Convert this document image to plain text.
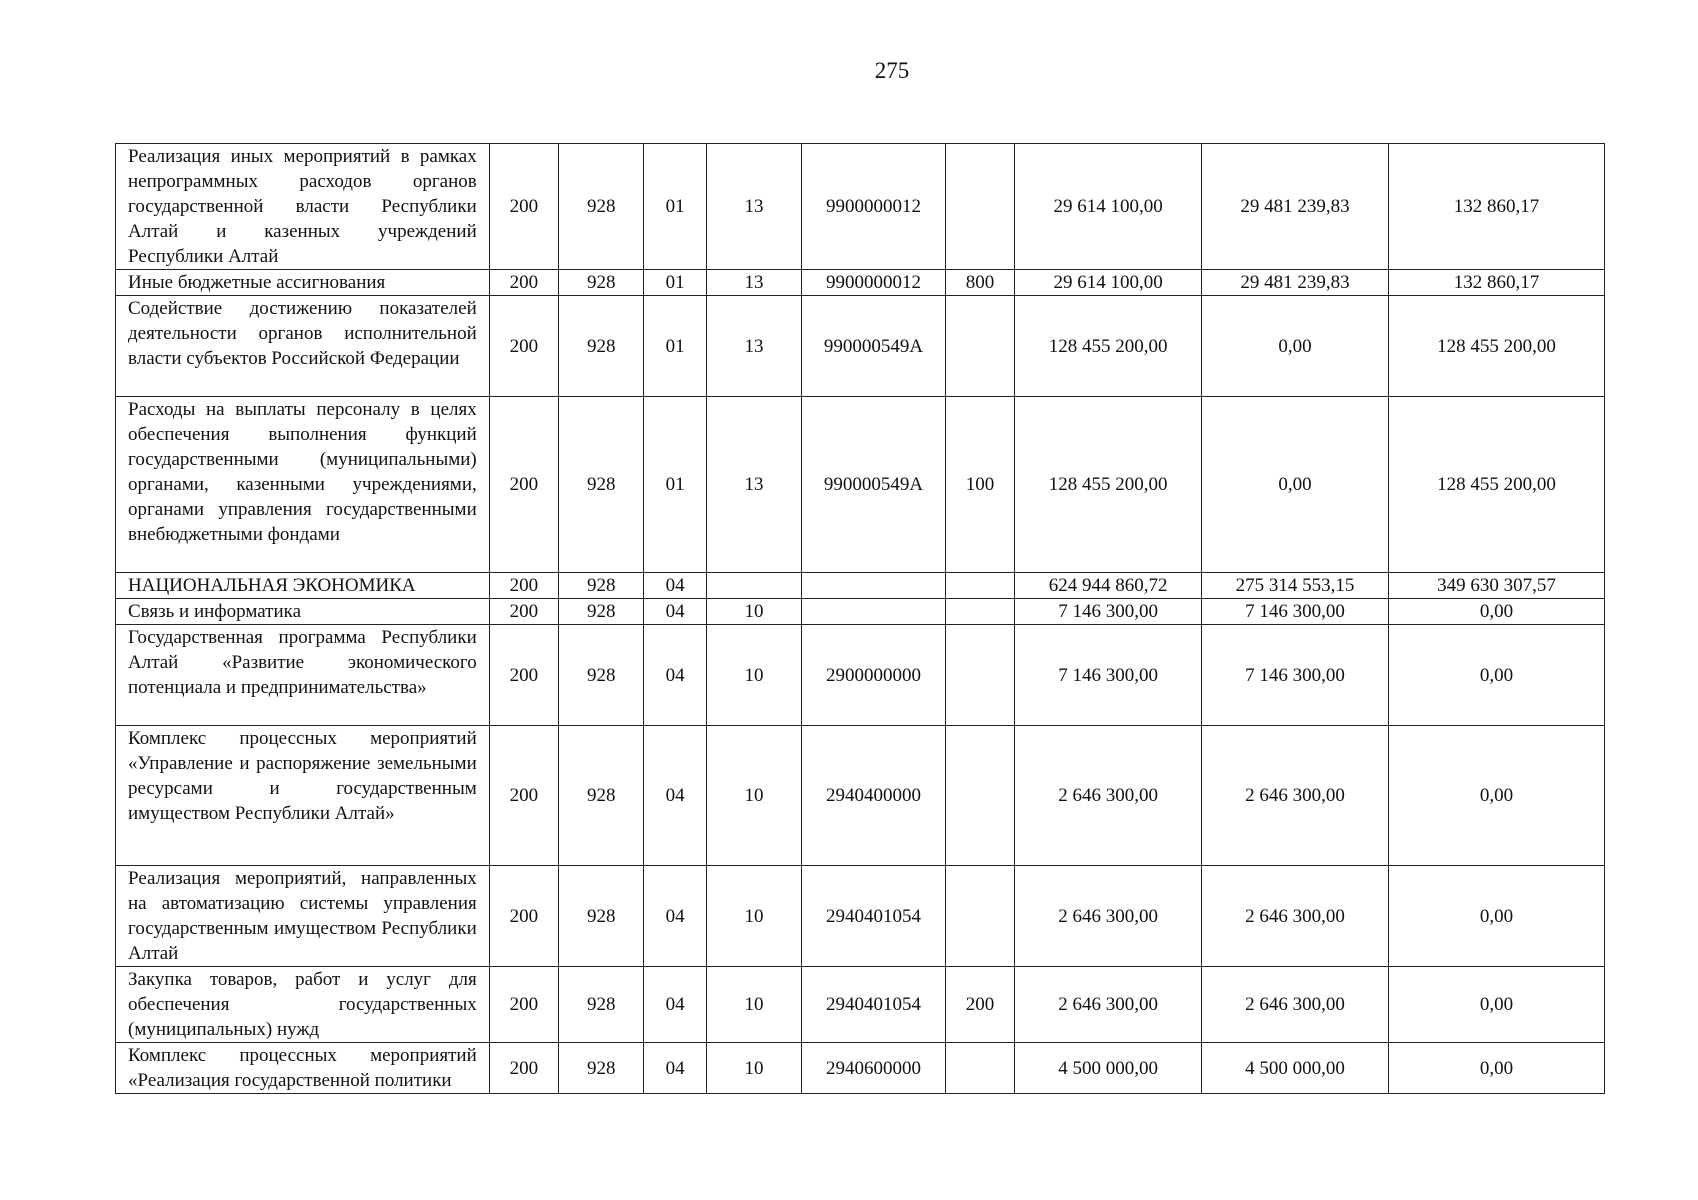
275
Реализация иных мероприятий в рамках непрограммных расходов органов государственной власти Республики Алтай и казенных учреждений Республики Алтай	200	928	01	13	9900000012		29 614 100,00	29 481 239,83	132 860,17
Иные бюджетные ассигнования	200	928	01	13	9900000012	800	29 614 100,00	29 481 239,83	132 860,17
Содействие достижению показателей деятельности органов исполнительной власти субъектов Российской Федерации	200	928	01	13	990000549A		128 455 200,00	0,00	128 455 200,00
Расходы на выплаты персоналу в целях обеспечения выполнения функций государственными (муниципальными) органами, казенными учреждениями, органами управления государственными внебюджетными фондами	200	928	01	13	990000549A	100	128 455 200,00	0,00	128 455 200,00
НАЦИОНАЛЬНАЯ ЭКОНОМИКА	200	928	04				624 944 860,72	275 314 553,15	349 630 307,57
Связь и информатика	200	928	04	10			7 146 300,00	7 146 300,00	0,00
Государственная программа Республики Алтай «Развитие экономического потенциала и предпринимательства»	200	928	04	10	2900000000		7 146 300,00	7 146 300,00	0,00
Комплекс процессных мероприятий «Управление и распоряжение земельными ресурсами и государственным имуществом Республики Алтай»	200	928	04	10	2940400000		2 646 300,00	2 646 300,00	0,00
Реализация мероприятий, направленных на автоматизацию системы управления государственным имуществом Республики Алтай	200	928	04	10	2940401054		2 646 300,00	2 646 300,00	0,00
Закупка товаров, работ и услуг для обеспечения государственных (муниципальных) нужд	200	928	04	10	2940401054	200	2 646 300,00	2 646 300,00	0,00
Комплекс процессных мероприятий «Реализация государственной политики	200	928	04	10	2940600000		4 500 000,00	4 500 000,00	0,00
